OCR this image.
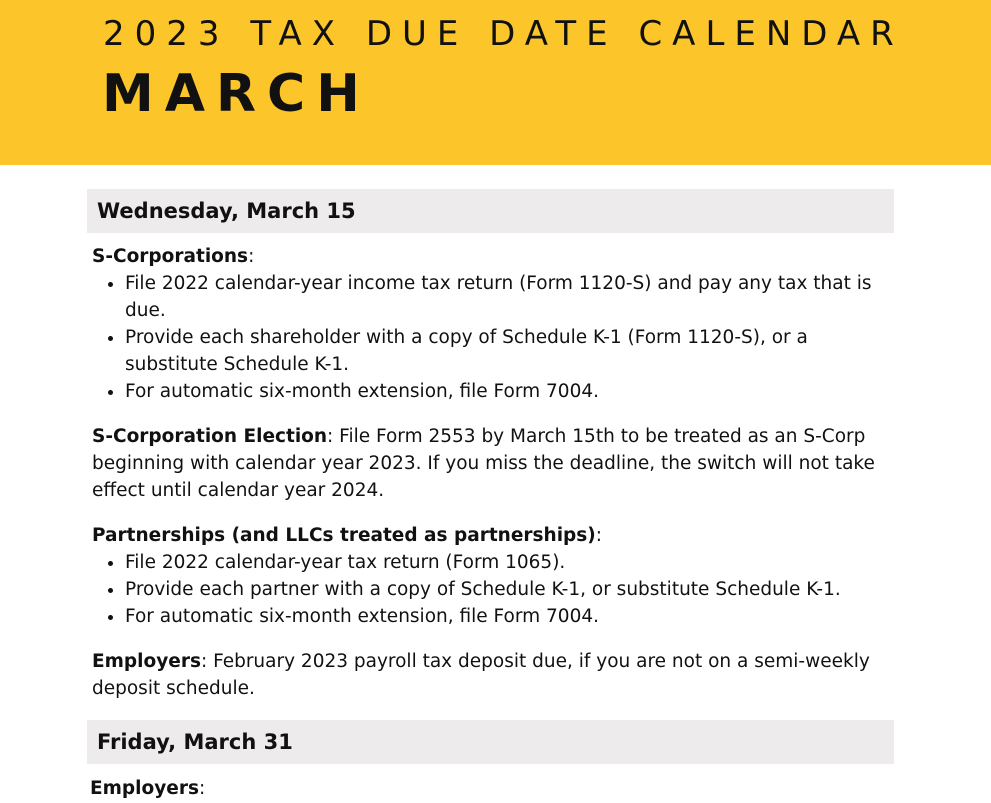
2023 TAX DUE DATE CALENDAR
MARCH
Wednesday, March 15
S-Corporations:
• File 2022 calendar-year income tax return (Form 1120-S) and pay any tax that is due.
• Provide each shareholder with a copy of Schedule K-1 (Form 1120-S), or a substitute Schedule K-1.
• For automatic six-month extension, file Form 7004.

S-Corporation Election: File Form 2553 by March 15th to be treated as an S-Corp beginning with calendar year 2023. If you miss the deadline, the switch will not take effect until calendar year 2024.

Partnerships (and LLCs treated as partnerships):
• File 2022 calendar-year tax return (Form 1065).
• Provide each partner with a copy of Schedule K-1, or substitute Schedule K-1.
• For automatic six-month extension, file Form 7004.

Employers: February 2023 payroll tax deposit due, if you are not on a semi-weekly deposit schedule.

Friday, March 31
Employers:
